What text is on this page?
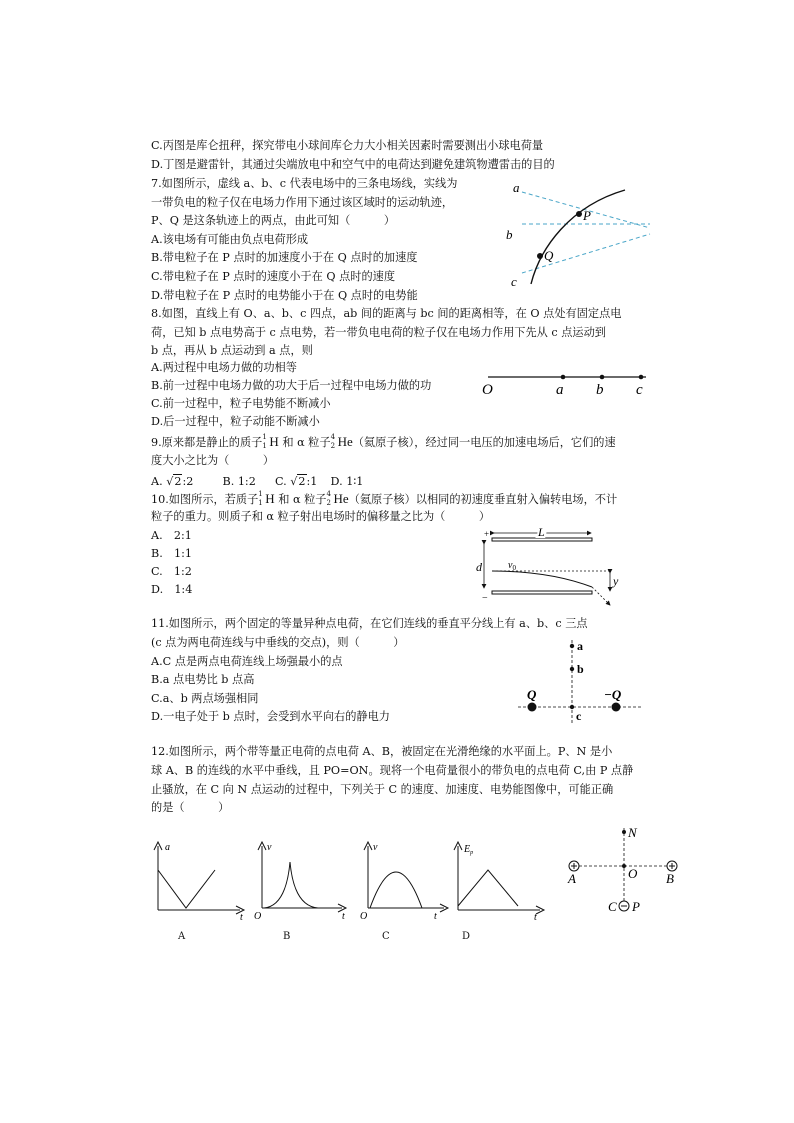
C.丙图是库仑扭秤，探究带电小球间库仑力大小相关因素时需要测出小球电荷量
D.丁图是避雷针，其通过尖端放电中和空气中的电荷达到避免建筑物遭雷击的目的
7.如图所示，虚线 a、b、c 代表电场中的三条电场线，实线为
一带负电的粒子仅在电场力作用下通过该区域时的运动轨迹，
P、Q 是这条轨迹上的两点，由此可知（　　　）
A.该电场有可能由负点电荷形成
B.带电粒子在 P 点时的加速度小于在 Q 点时的加速度
C.带电粒子在 P 点时的速度小于在 Q 点时的速度
D.带电粒子在 P 点时的电势能小于在 Q 点时的电势能
a
b
c
P
Q
8.如图，直线上有 O、a、b、c 四点，ab 间的距离与 bc 间的距离相等，在 O 点处有固定点电
荷，已知 b 点电势高于 c 点电势，若一带负电电荷的粒子仅在电场力作用下先从 c 点运动到
b 点，再从 b 点运动到 a 点，则
A.两过程中电场力做的功相等
B.前一过程中电场力做的功大于后一过程中电场力做的功
C.前一过程中，粒子电势能不断减小
D.后一过程中，粒子动能不断减小
O	a b c
9.原来都是静止的质子 1
1 H 和 α 粒子 4
2 He（氦原子核），经过同一电压的加速电场后，它们的速
度大小之比为（　　　）
A. √2:2	B. 1:2 C. √2:1 D. 1∶1
10.如图所示，若质子 1
1 H 和 α 粒子 4
2 He（氦原子核）以相同的初速度垂直射入偏转电场，不计
粒子的重力。则质子和 α 粒子射出电场时的偏移量之比为（　　　）
A.　2:1
B.　1:1
C.　1:2
D.　1:4
+
−
L
d	$v_0$
y
11.如图所示，两个固定的等量异种点电荷，在它们连线的垂直平分线上有 a、b、c 三点
(c 点为两电荷连线与中垂线的交点)，则（　　　）
A.C 点是两点电荷连线上场强最小的点
B.a 点电势比 b 点高
C.a、b 两点场强相同
D.一电子处于 b 点时，会受到水平向右的静电力
Q	−Q
a
b
c
12.如图所示，两个带等量正电荷的点电荷 A、B，被固定在光滑绝缘的水平面上。P、N 是小
球 A、B 的连线的水平中垂线，且 PO=ON。现将一个电荷量很小的带负电的点电荷 C,由 P 点静
止骚放，在 C 向 N 点运动的过程中，下列关于 C 的速度、加速度、电势能图像中，可能正确
的是（　　　）
a
t
v
O	t
v
O	t
$E_p$
t
A	B	C	D
N
A	O B
C P
